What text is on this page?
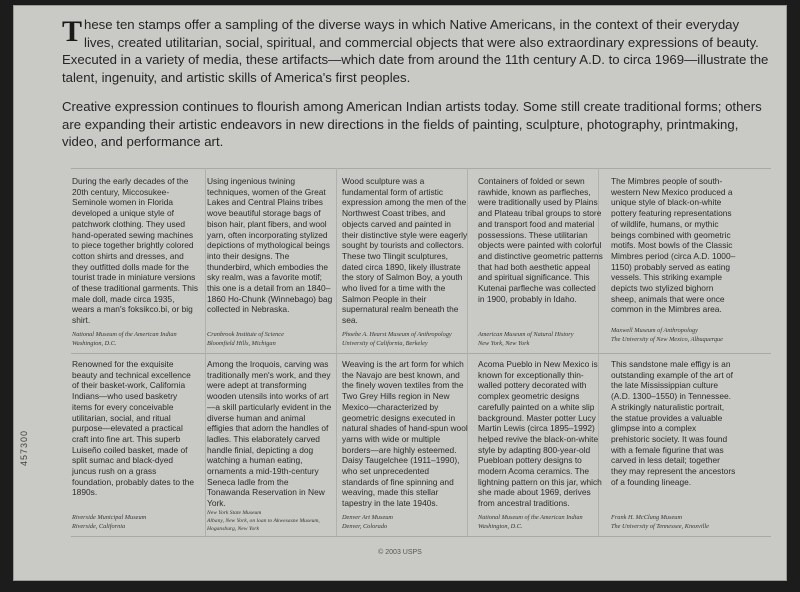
These ten stamps offer a sampling of the diverse ways in which Native Americans, in the context of their everyday lives, created utilitarian, social, spiritual, and commercial objects that were also extraordinary expressions of beauty. Executed in a variety of media, these artifacts—which date from around the 11th century A.D. to circa 1969—illustrate the talent, ingenuity, and artistic skills of America's first peoples.

Creative expression continues to flourish among American Indian artists today. Some still create traditional forms; others are expanding their artistic endeavors in new directions in the fields of painting, sculpture, photography, printmaking, video, and performance art.

During the early decades of the 20th century, Miccosukee-Seminole women in Florida developed a unique style of patchwork clothing. They used hand-operated sewing machines to piece together brightly colored cotton shirts and dresses, and they outfitted dolls made for the tourist trade in miniature versions of these traditional garments. This male doll, made circa 1935, wears a man's foksikco.bi, or big shirt.

National Museum of the American Indian
Washington, D.C.

Using ingenious twining techniques, women of the Great Lakes and Central Plains tribes wove beautiful storage bags of bison hair, plant fibers, and wool yarn, often incorporating stylized depictions of mythological beings into their designs. The thunderbird, which embodies the sky realm, was a favorite motif; this one is a detail from an 1840–1860 Ho-Chunk (Winnebago) bag collected in Nebraska.

Cranbrook Institute of Science
Bloomfield Hills, Michigan

Wood sculpture was a fundamental form of artistic expression among the men of the Northwest Coast tribes, and objects carved and painted in their distinctive style were eagerly sought by tourists and collectors. These two Tlingit sculptures, dated circa 1890, likely illustrate the story of Salmon Boy, a youth who lived for a time with the Salmon People in their supernatural realm beneath the sea.

Phoebe A. Hearst Museum of Anthropology
University of California, Berkeley

Containers of folded or sewn rawhide, known as parfleches, were traditionally used by Plains and Plateau tribal groups to store and transport food and material possessions. These utilitarian objects were painted with colorful and distinctive geometric patterns that had both aesthetic appeal and spiritual significance. This Kutenai parfleche was collected in 1900, probably in Idaho.

American Museum of Natural History
New York, New York

The Mimbres people of south-western New Mexico produced a unique style of black-on-white pottery featuring representations of wildlife, humans, or mythic beings combined with geometric motifs. Most bowls of the Classic Mimbres period (circa A.D. 1000–1150) probably served as eating vessels. This striking example depicts two stylized bighorn sheep, animals that were once common in the Mimbres area.

Maxwell Museum of Anthropology
The University of New Mexico, Albuquerque

Renowned for the exquisite beauty and technical excellence of their basket-work, California Indians—who used basketry items for every conceivable utilitarian, social, and ritual purpose—elevated a practical craft into fine art. This superb Luiseño coiled basket, made of split sumac and black-dyed juncus rush on a grass foundation, probably dates to the 1890s.

Riverside Municipal Museum
Riverside, California

Among the Iroquois, carving was traditionally men's work, and they were adept at transforming wooden utensils into works of art—a skill particularly evident in the diverse human and animal effigies that adorn the handles of ladles. This elaborately carved handle finial, depicting a dog watching a human eating, ornaments a mid-19th-century Seneca ladle from the Tonawanda Reservation in New York.

New York State Museum
Albany, New York, on loan to Akwesasne Museum, Hogansburg, New York

Weaving is the art form for which the Navajo are best known, and the finely woven textiles from the Two Grey Hills region in New Mexico—characterized by geometric designs executed in natural shades of hand-spun wool yarns with wide or multiple borders—are highly esteemed. Daisy Taugelchee (1911–1990), who set unprecedented standards of fine spinning and weaving, made this stellar tapestry in the late 1940s.

Denver Art Museum
Denver, Colorado

Acoma Pueblo in New Mexico is known for exceptionally thin-walled pottery decorated with complex geometric designs carefully painted on a white slip background. Master potter Lucy Martin Lewis (circa 1895–1992) helped revive the black-on-white style by adapting 800-year-old Puebloan pottery designs to modern Acoma ceramics. The lightning pattern on this jar, which she made about 1969, derives from ancestral traditions.

National Museum of the American Indian
Washington, D.C.

This sandstone male effigy is an outstanding example of the art of the late Mississippian culture (A.D. 1300–1550) in Tennessee. A strikingly naturalistic portrait, the statue provides a valuable glimpse into a complex prehistoric society. It was found with a female figurine that was carved in less detail; together they may represent the ancestors of a founding lineage.

Frank H. McClung Museum
The University of Tennessee, Knoxville
457300
© 2003 USPS
